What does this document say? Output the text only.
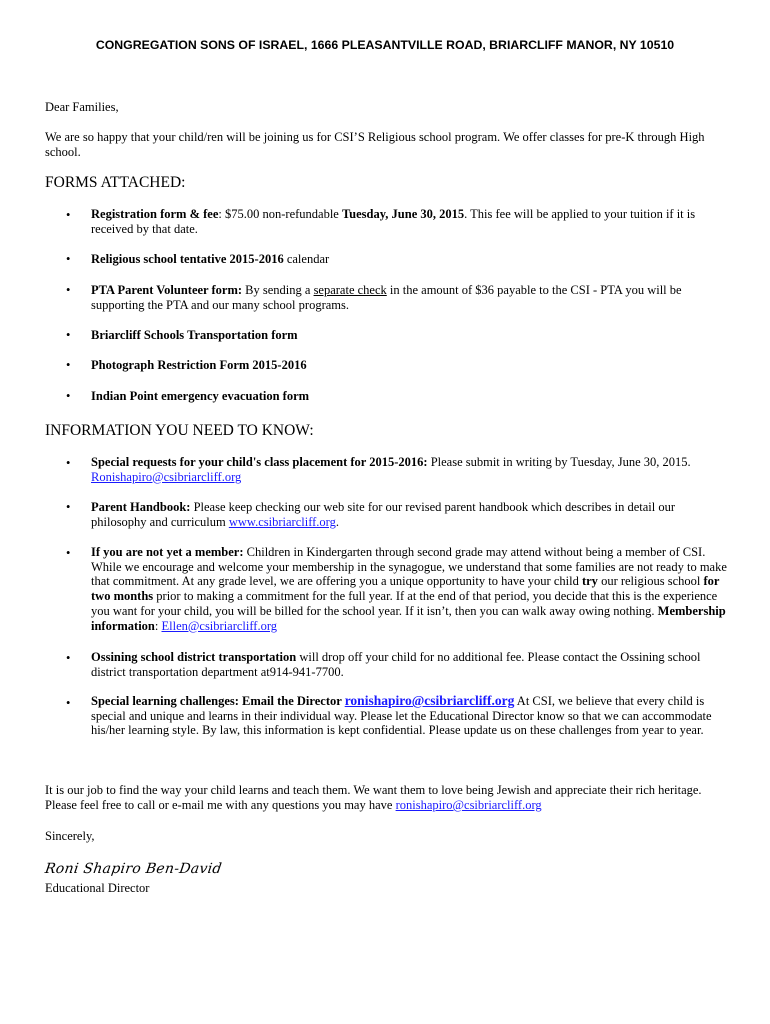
CONGREGATION SONS OF ISRAEL, 1666 PLEASANTVILLE ROAD, BRIARCLIFF MANOR, NY 10510
Dear Families,
We are so happy that your child/ren will be joining us for CSI’S Religious school program. We offer classes for pre-K through High school.
FORMS ATTACHED:
• Registration form & fee: $75.00 non-refundable Tuesday, June 30, 2015. This fee will be applied to your tuition if it is received by that date.
• Religious school tentative 2015-2016 calendar
• PTA Parent Volunteer form: By sending a separate check in the amount of $36 payable to the CSI - PTA you will be supporting the PTA and our many school programs.
• Briarcliff Schools Transportation form
• Photograph Restriction Form 2015-2016
• Indian Point emergency evacuation form
INFORMATION YOU NEED TO KNOW:
• Special requests for your child's class placement for 2015-2016: Please submit in writing by Tuesday, June 30, 2015. Ronishapiro@csibriarcliff.org
• Parent Handbook: Please keep checking our web site for our revised parent handbook which describes in detail our philosophy and curriculum www.csibriarcliff.org.
• If you are not yet a member: Children in Kindergarten through second grade may attend without being a member of CSI. While we encourage and welcome your membership in the synagogue, we understand that some families are not ready to make that commitment. At any grade level, we are offering you a unique opportunity to have your child try our religious school for two months prior to making a commitment for the full year. If at the end of that period, you decide that this is the experience you want for your child, you will be billed for the school year. If it isn’t, then you can walk away owing nothing. Membership information: Ellen@csibriarcliff.org
• Ossining school district transportation will drop off your child for no additional fee. Please contact the Ossining school district transportation department at914-941-7700.
• Special learning challenges: Email the Director ronishapiro@csibriarcliff.org At CSI, we believe that every child is special and unique and learns in their individual way. Please let the Educational Director know so that we can accommodate his/her learning style. By law, this information is kept confidential. Please update us on these challenges from year to year.
It is our job to find the way your child learns and teach them. We want them to love being Jewish and appreciate their rich heritage. Please feel free to call or e-mail me with any questions you may have ronishapiro@csibriarcliff.org
Sincerely,
Roni Shapiro Ben-David
Educational Director
